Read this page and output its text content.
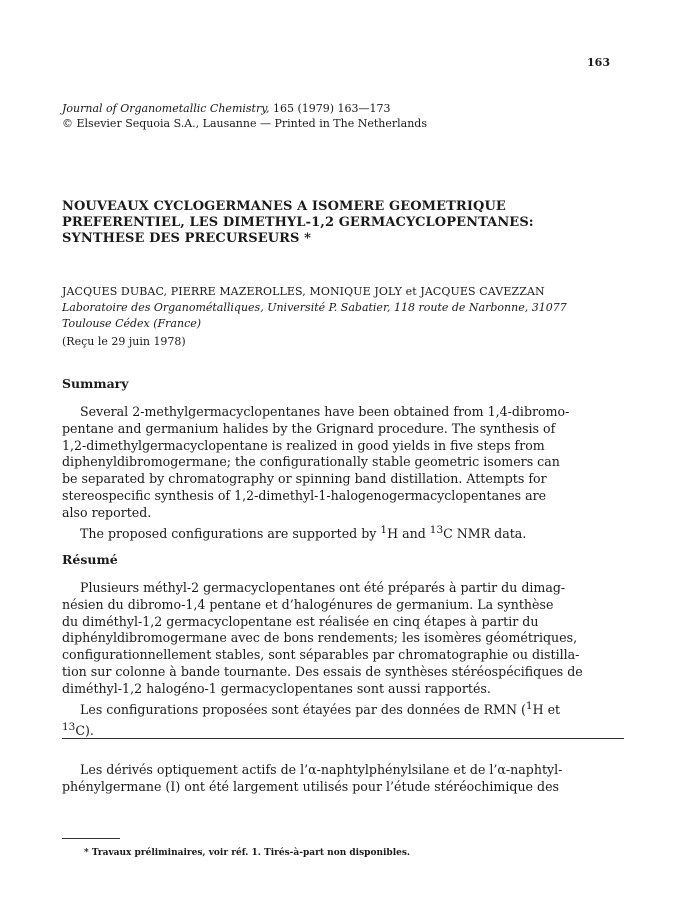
163
Journal of Organometallic Chemistry, 165 (1979) 163—173
© Elsevier Sequoia S.A., Lausanne — Printed in The Netherlands
NOUVEAUX CYCLOGERMANES A ISOMERE GEOMETRIQUE
PREFERENTIEL, LES DIMETHYL-1,2 GERMACYCLOPENTANES:
SYNTHESE DES PRECURSEURS *
JACQUES DUBAC, PIERRE MAZEROLLES, MONIQUE JOLY et JACQUES CAVEZZAN
Laboratoire des Organométalliques, Université P. Sabatier, 118 route de Narbonne, 31077
Toulouse Cédex (France)
(Reçu le 29 juin 1978)
Summary
Several 2-methylgermacyclopentanes have been obtained from 1,4-dibromo-
pentane and germanium halides by the Grignard procedure. The synthesis of
1,2-dimethylgermacyclopentane is realized in good yields in five steps from
diphenyldibromogermane; the configurationally stable geometric isomers can
be separated by chromatography or spinning band distillation. Attempts for
stereospecific synthesis of 1,2-dimethyl-1-halogenogermacyclopentanes are
also reported.
The proposed configurations are supported by $^1$H and $^{13}$C NMR data.
Résumé
Plusieurs méthyl-2 germacyclopentanes ont été préparés à partir du dimag-
nésien du dibromo-1,4 pentane et d’halogénures de germanium. La synthèse
du diméthyl-1,2 germacyclopentane est réalisée en cinq étapes à partir du
diphényldibromogermane avec de bons rendements; les isomères géométriques,
configurationnellement stables, sont séparables par chromatographie ou distilla-
tion sur colonne à bande tournante. Des essais de synthèses stéréospécifiques de
diméthyl-1,2 halogéno-1 germacyclopentanes sont aussi rapportés.
Les configurations proposées sont étayées par des données de RMN ($^1$H et
$^{13}$C).
Les dérivés optiquement actifs de l’α-naphtylphénylsilane et de l’α-naphtyl-
phénylgermane (I) ont été largement utilisés pour l’étude stéréochimique des
* Travaux préliminaires, voir réf. 1. Tirés-à-part non disponibles.
